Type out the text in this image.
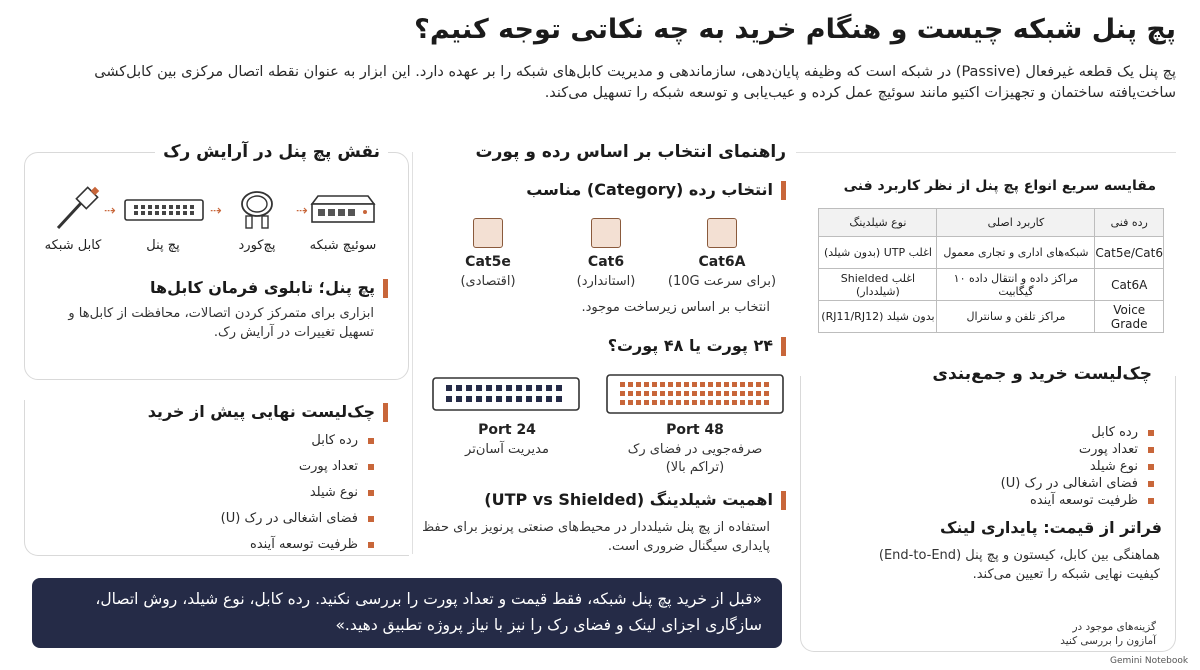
پچ پنل شبکه چیست و هنگام خرید به چه نکاتی توجه کنیم؟
پچ پنل یک قطعه غیرفعال (Passive) در شبکه است که وظیفه پایان‌دهی، سازماندهی و مدیریت کابل‌های شبکه را بر عهده دارد. این ابزار به عنوان نقطه اتصال مرکزی بین کابل‌کشی ساخت‌یافته ساختمان و تجهیزات اکتیو مانند سوئیچ عمل کرده و عیب‌یابی و توسعه شبکه را تسهیل می‌کند.
نقش پچ پنل در آرایش رک
⇢
⇢
⇢
سوئیچ شبکه
پچ‌کورد
پچ پنل
کابل شبکه
پچ پنل؛ تابلوی فرمان کابل‌ها
ابزاری برای متمرکز کردن اتصالات، محافظت از کابل‌ها و تسهیل تغییرات در آرایش رک.
راهنمای انتخاب بر اساس رده و پورت
انتخاب رده (Category) مناسب
Cat6A
(برای سرعت 10G)
Cat6
(استاندارد)
Cat5e
(اقتصادی)
انتخاب بر اساس زیرساخت موجود.
۲۴ پورت یا ۴۸ پورت؟
48 Port
صرفه‌جویی در فضای رک
(تراکم بالا)
24 Port
مدیریت آسان‌تر
اهمیت شیلدینگ (UTP vs Shielded)
استفاده از پچ پنل شیلددار در محیط‌های صنعتی پرنویز برای حفظ پایداری سیگنال ضروری است.
مقایسه سریع انواع پچ پنل از نظر کاربرد فنی
رده فنی	کاربرد اصلی	نوع شیلدینگ
Cat5e/Cat6	شبکه‌های اداری و تجاری معمول	اغلب UTP (بدون شیلد)
Cat6A	مراکز داده و انتقال داده ۱۰ گیگابیت	اغلب Shielded (شیلددار)
Voice Grade	مراکز تلفن و سانترال	بدون شیلد (RJ11/RJ12)
چک‌لیست خرید و جمع‌بندی
رده کابل
تعداد پورت
نوع شیلد
فضای اشغالی در رک (U)
ظرفیت توسعه آینده
فراتر از قیمت: پایداری لینک
هماهنگی بین کابل، کیستون و پچ پنل (End-to-End) کیفیت نهایی شبکه را تعیین می‌کند.
چک‌لیست نهایی پیش از خرید
رده کابل
تعداد پورت
نوع شیلد
فضای اشغالی در رک (U)
ظرفیت توسعه آینده
«قبل از خرید پچ پنل شبکه، فقط قیمت و تعداد پورت را بررسی نکنید. رده کابل، نوع شیلد، روش اتصال، سازگاری اجزای لینک و فضای رک را نیز با نیاز پروژه تطبیق دهید.»	گزینه‌های موجود در آمازون را بررسی کنید
Gemini Notebook
